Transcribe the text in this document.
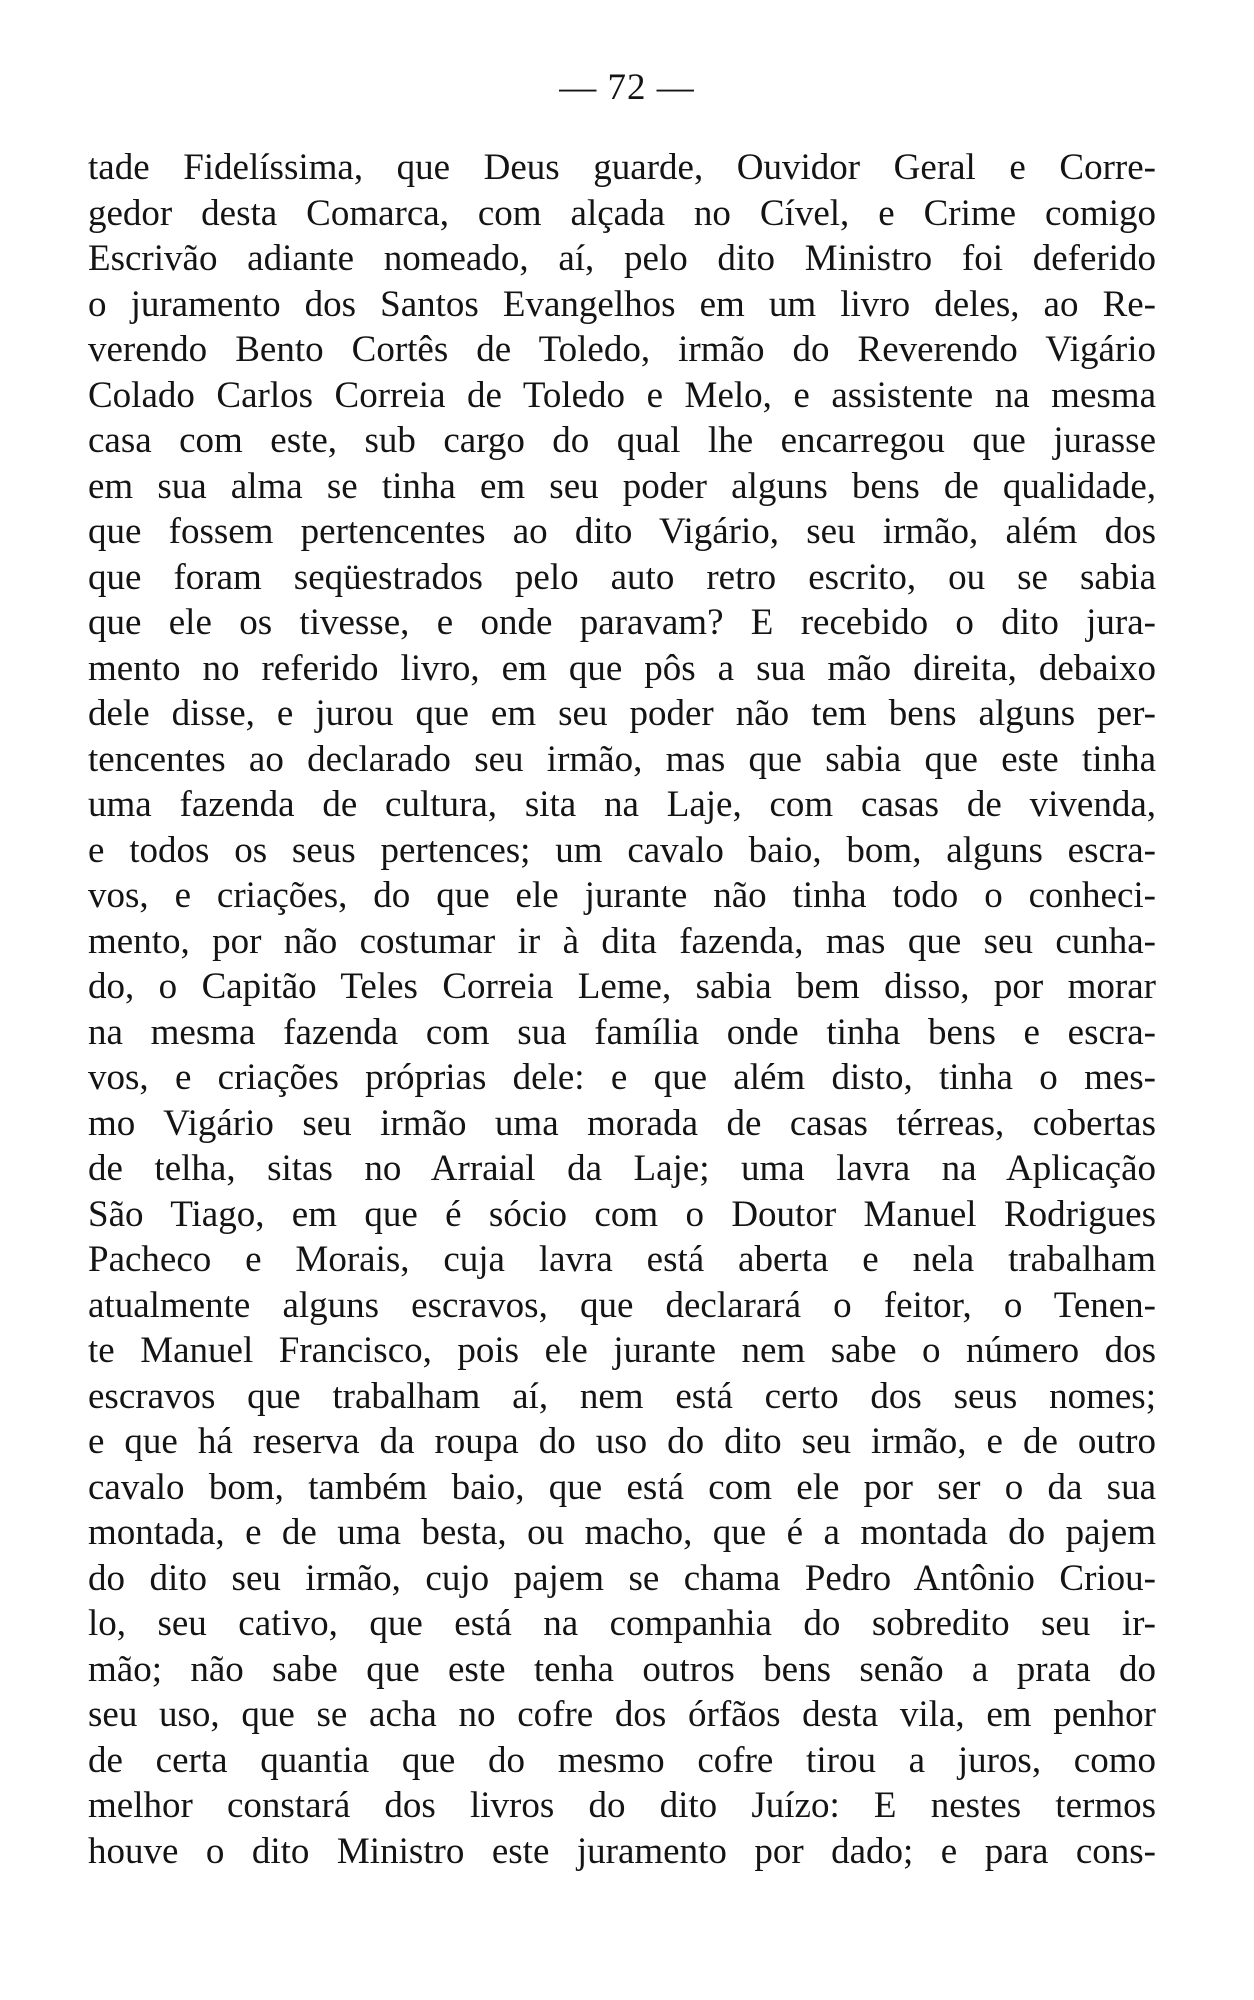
— 72 —
tade Fidelíssima, que Deus guarde, Ouvidor Geral e Corre-
gedor desta Comarca, com alçada no Cível, e Crime comigo
Escrivão adiante nomeado, aí, pelo dito Ministro foi deferido
o juramento dos Santos Evangelhos em um livro deles, ao Re-
verendo Bento Cortês de Toledo, irmão do Reverendo Vigário
Colado Carlos Correia de Toledo e Melo, e assistente na mesma
casa com este, sub cargo do qual lhe encarregou que jurasse
em sua alma se tinha em seu poder alguns bens de qualidade,
que fossem pertencentes ao dito Vigário, seu irmão, além dos
que foram seqüestrados pelo auto retro escrito, ou se sabia
que ele os tivesse, e onde paravam? E recebido o dito jura-
mento no referido livro, em que pôs a sua mão direita, debaixo
dele disse, e jurou que em seu poder não tem bens alguns per-
tencentes ao declarado seu irmão, mas que sabia que este tinha
uma fazenda de cultura, sita na Laje, com casas de vivenda,
e todos os seus pertences; um cavalo baio, bom, alguns escra-
vos, e criações, do que ele jurante não tinha todo o conheci-
mento, por não costumar ir à dita fazenda, mas que seu cunha-
do, o Capitão Teles Correia Leme, sabia bem disso, por morar
na mesma fazenda com sua família onde tinha bens e escra-
vos, e criações próprias dele: e que além disto, tinha o mes-
mo Vigário seu irmão uma morada de casas térreas, cobertas
de telha, sitas no Arraial da Laje; uma lavra na Aplicação
São Tiago, em que é sócio com o Doutor Manuel Rodrigues
Pacheco e Morais, cuja lavra está aberta e nela trabalham
atualmente alguns escravos, que declarará o feitor, o Tenen-
te Manuel Francisco, pois ele jurante nem sabe o número dos
escravos que trabalham aí, nem está certo dos seus nomes;
e que há reserva da roupa do uso do dito seu irmão, e de outro
cavalo bom, também baio, que está com ele por ser o da sua
montada, e de uma besta, ou macho, que é a montada do pajem
do dito seu irmão, cujo pajem se chama Pedro Antônio Criou-
lo, seu cativo, que está na companhia do sobredito seu ir-
mão; não sabe que este tenha outros bens senão a prata do
seu uso, que se acha no cofre dos órfãos desta vila, em penhor
de certa quantia que do mesmo cofre tirou a juros, como
melhor constará dos livros do dito Juízo: E nestes termos
houve o dito Ministro este juramento por dado; e para cons-
